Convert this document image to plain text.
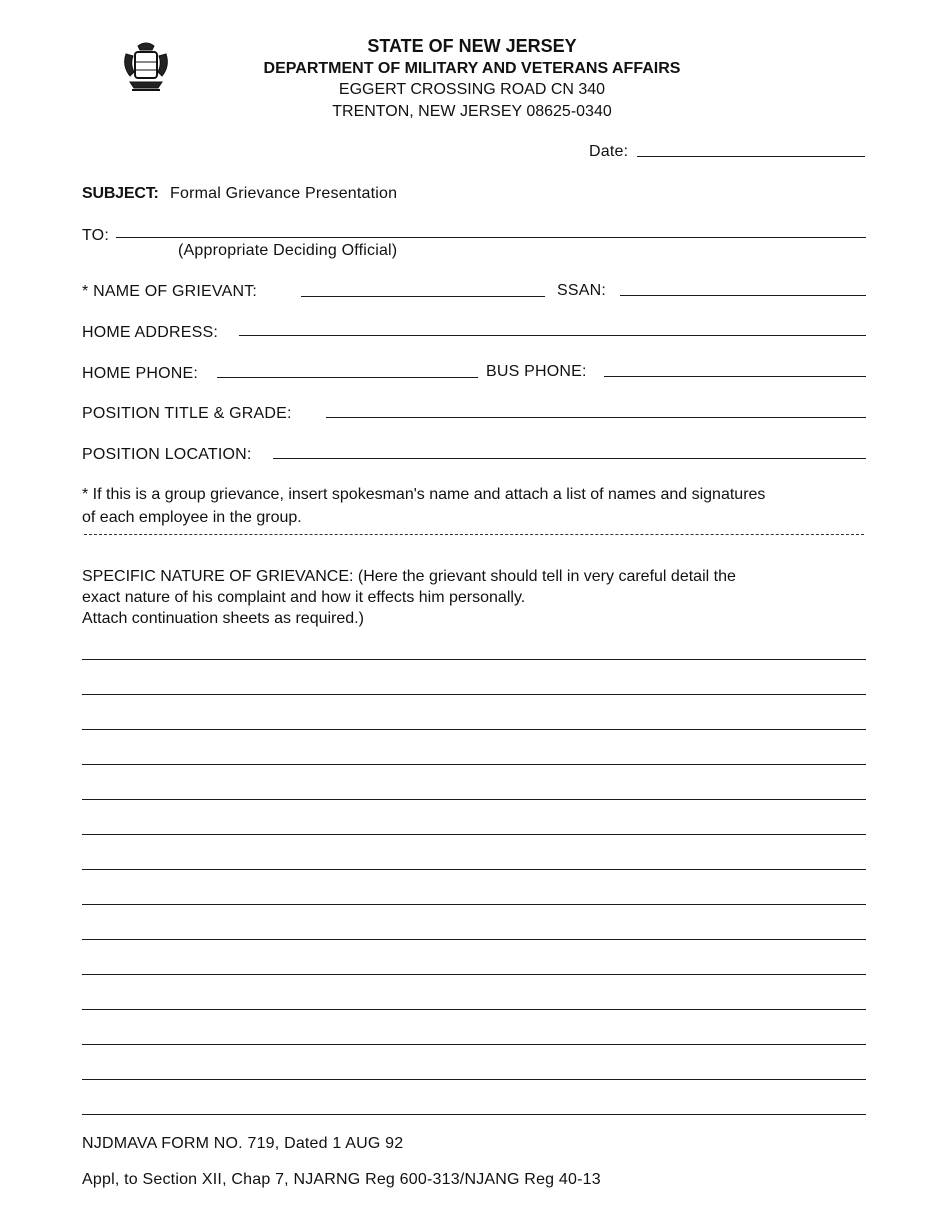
STATE OF NEW JERSEY
DEPARTMENT OF MILITARY AND VETERANS AFFAIRS
EGGERT CROSSING ROAD CN 340
TRENTON, NEW JERSEY 08625-0340
Date:
SUBJECT: Formal Grievance Presentation
TO:
(Appropriate Deciding Official)
* NAME OF GRIEVANT:	SSAN:
HOME ADDRESS:
HOME PHONE:	BUS PHONE:
POSITION TITLE & GRADE:
POSITION LOCATION:
* If this is a group grievance, insert spokesman's name and attach a list of names and signatures
of each employee in the group.
SPECIFIC NATURE OF GRIEVANCE: (Here the grievant should tell in very careful detail the
exact nature of his complaint and how it effects him personally.
Attach continuation sheets as required.)
NJDMAVA FORM NO. 719, Dated 1 AUG 92
Appl, to Section XII, Chap 7, NJARNG Reg 600-313/NJANG Reg 40-13
